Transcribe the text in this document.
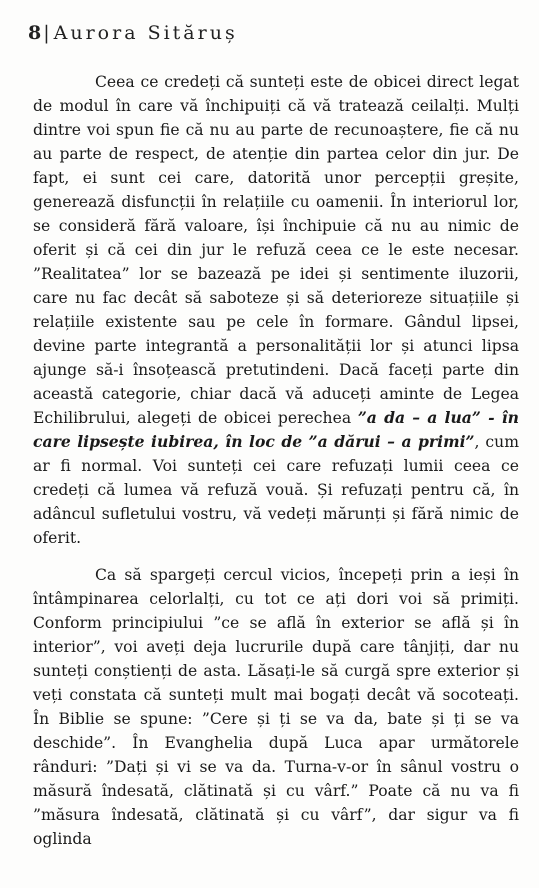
8 | Aurora Sităruș

Ceea ce credeți că sunteți este de obicei direct legat de modul în care vă închipuiți că vă tratează ceilalți. Mulți dintre voi spun fie că nu au parte de recunoaștere, fie că nu au parte de respect, de atenție din partea celor din jur. De fapt, ei sunt cei care, datorită unor percepții greșite, generează disfuncții în relațiile cu oamenii. În interiorul lor, se consideră fără valoare, își închipuie că nu au nimic de oferit și că cei din jur le refuză ceea ce le este necesar. ”Realitatea” lor se bazează pe idei și sentimente iluzorii, care nu fac decât să saboteze și să deterioreze situațiile și relațiile existente sau pe cele în formare. Gândul lipsei, devine parte integrantă a personalității lor și atunci lipsa ajunge să-i însoțească pretutindeni. Dacă faceți parte din această categorie, chiar dacă vă aduceți aminte de Legea Echilibrului, alegeți de obicei perechea ”a da – a lua” - în care lipsește iubirea, în loc de ”a dărui – a primi”, cum ar fi normal. Voi sunteți cei care refuzați lumii ceea ce credeți că lumea vă refuză vouă. Și refuzați pentru că, în adâncul sufletului vostru, vă vedeți mărunți și fără nimic de oferit.

Ca să spargeți cercul vicios, începeți prin a ieși în întâmpinarea celorlalți, cu tot ce ați dori voi să primiți. Conform principiului ”ce se află în exterior se află și în interior”, voi aveți deja lucrurile după care tânjiți, dar nu sunteți conștienți de asta. Lăsați-le să curgă spre exterior și veți constata că sunteți mult mai bogați decât vă socoteați. În Biblie se spune: ”Cere și ți se va da, bate și ți se va deschide”. În Evanghelia după Luca apar următorele rânduri: ”Dați și vi se va da. Turna-v-or în sânul vostru o măsură îndesată, clătinată și cu vârf.” Poate că nu va fi ”măsura îndesată, clătinată și cu vârf”, dar sigur va fi oglinda
